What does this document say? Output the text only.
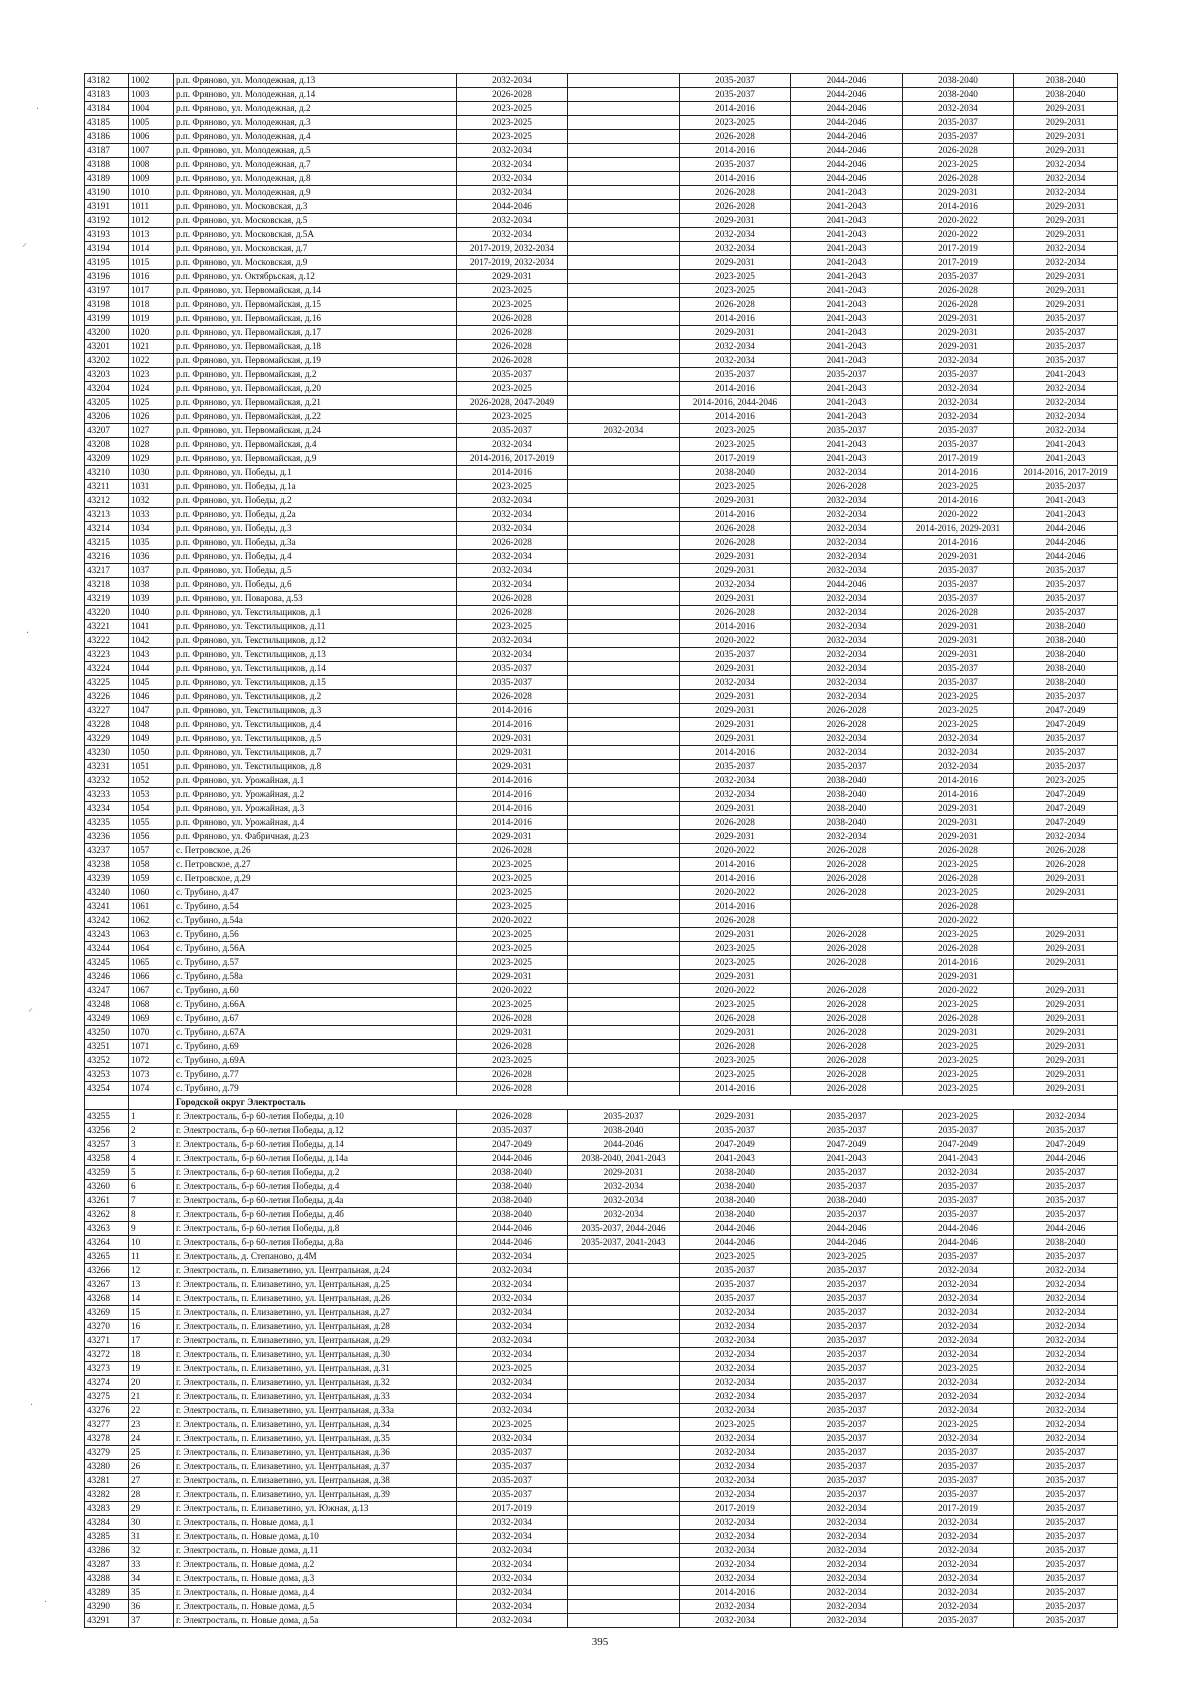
43182	1002	р.п. Фряново, ул. Молодежная, д.13	2032-2034		2035-2037	2044-2046	2038-2040	2038-2040
43183	1003	р.п. Фряново, ул. Молодежная, д.14	2026-2028		2035-2037	2044-2046	2038-2040	2038-2040
43184	1004	р.п. Фряново, ул. Молодежная, д.2	2023-2025		2014-2016	2044-2046	2032-2034	2029-2031
43185	1005	р.п. Фряново, ул. Молодежная, д.3	2023-2025		2023-2025	2044-2046	2035-2037	2029-2031
43186	1006	р.п. Фряново, ул. Молодежная, д.4	2023-2025		2026-2028	2044-2046	2035-2037	2029-2031
43187	1007	р.п. Фряново, ул. Молодежная, д.5	2032-2034		2014-2016	2044-2046	2026-2028	2029-2031
43188	1008	р.п. Фряново, ул. Молодежная, д.7	2032-2034		2035-2037	2044-2046	2023-2025	2032-2034
43189	1009	р.п. Фряново, ул. Молодежная, д.8	2032-2034		2014-2016	2044-2046	2026-2028	2032-2034
43190	1010	р.п. Фряново, ул. Молодежная, д.9	2032-2034		2026-2028	2041-2043	2029-2031	2032-2034
43191	1011	р.п. Фряново, ул. Московская, д.3	2044-2046		2026-2028	2041-2043	2014-2016	2029-2031
43192	1012	р.п. Фряново, ул. Московская, д.5	2032-2034		2029-2031	2041-2043	2020-2022	2029-2031
43193	1013	р.п. Фряново, ул. Московская, д.5А	2032-2034		2032-2034	2041-2043	2020-2022	2029-2031
43194	1014	р.п. Фряново, ул. Московская, д.7	2017-2019, 2032-2034		2032-2034	2041-2043	2017-2019	2032-2034
43195	1015	р.п. Фряново, ул. Московская, д.9	2017-2019, 2032-2034		2029-2031	2041-2043	2017-2019	2032-2034
43196	1016	р.п. Фряново, ул. Октябрьская, д.12	2029-2031		2023-2025	2041-2043	2035-2037	2029-2031
43197	1017	р.п. Фряново, ул. Первомайская, д.14	2023-2025		2023-2025	2041-2043	2026-2028	2029-2031
43198	1018	р.п. Фряново, ул. Первомайская, д.15	2023-2025		2026-2028	2041-2043	2026-2028	2029-2031
43199	1019	р.п. Фряново, ул. Первомайская, д.16	2026-2028		2014-2016	2041-2043	2029-2031	2035-2037
43200	1020	р.п. Фряново, ул. Первомайская, д.17	2026-2028		2029-2031	2041-2043	2029-2031	2035-2037
43201	1021	р.п. Фряново, ул. Первомайская, д.18	2026-2028		2032-2034	2041-2043	2029-2031	2035-2037
43202	1022	р.п. Фряново, ул. Первомайская, д.19	2026-2028		2032-2034	2041-2043	2032-2034	2035-2037
43203	1023	р.п. Фряново, ул. Первомайская, д.2	2035-2037		2035-2037	2035-2037	2035-2037	2041-2043
43204	1024	р.п. Фряново, ул. Первомайская, д.20	2023-2025		2014-2016	2041-2043	2032-2034	2032-2034
43205	1025	р.п. Фряново, ул. Первомайская, д.21	2026-2028, 2047-2049		2014-2016, 2044-2046	2041-2043	2032-2034	2032-2034
43206	1026	р.п. Фряново, ул. Первомайская, д.22	2023-2025		2014-2016	2041-2043	2032-2034	2032-2034
43207	1027	р.п. Фряново, ул. Первомайская, д.24	2035-2037	2032-2034	2023-2025	2035-2037	2035-2037	2032-2034
43208	1028	р.п. Фряново, ул. Первомайская, д.4	2032-2034		2023-2025	2041-2043	2035-2037	2041-2043
43209	1029	р.п. Фряново, ул. Первомайская, д.9	2014-2016, 2017-2019		2017-2019	2041-2043	2017-2019	2041-2043
43210	1030	р.п. Фряново, ул. Победы, д.1	2014-2016		2038-2040	2032-2034	2014-2016	2014-2016, 2017-2019
43211	1031	р.п. Фряново, ул. Победы, д.1а	2023-2025		2023-2025	2026-2028	2023-2025	2035-2037
43212	1032	р.п. Фряново, ул. Победы, д.2	2032-2034		2029-2031	2032-2034	2014-2016	2041-2043
43213	1033	р.п. Фряново, ул. Победы, д.2а	2032-2034		2014-2016	2032-2034	2020-2022	2041-2043
43214	1034	р.п. Фряново, ул. Победы, д.3	2032-2034		2026-2028	2032-2034	2014-2016, 2029-2031	2044-2046
43215	1035	р.п. Фряново, ул. Победы, д.3а	2026-2028		2026-2028	2032-2034	2014-2016	2044-2046
43216	1036	р.п. Фряново, ул. Победы, д.4	2032-2034		2029-2031	2032-2034	2029-2031	2044-2046
43217	1037	р.п. Фряново, ул. Победы, д.5	2032-2034		2029-2031	2032-2034	2035-2037	2035-2037
43218	1038	р.п. Фряново, ул. Победы, д.6	2032-2034		2032-2034	2044-2046	2035-2037	2035-2037
43219	1039	р.п. Фряново, ул. Поварова, д.53	2026-2028		2029-2031	2032-2034	2035-2037	2035-2037
43220	1040	р.п. Фряново, ул. Текстильщиков, д.1	2026-2028		2026-2028	2032-2034	2026-2028	2035-2037
43221	1041	р.п. Фряново, ул. Текстильщиков, д.11	2023-2025		2014-2016	2032-2034	2029-2031	2038-2040
43222	1042	р.п. Фряново, ул. Текстильщиков, д.12	2032-2034		2020-2022	2032-2034	2029-2031	2038-2040
43223	1043	р.п. Фряново, ул. Текстильщиков, д.13	2032-2034		2035-2037	2032-2034	2029-2031	2038-2040
43224	1044	р.п. Фряново, ул. Текстильщиков, д.14	2035-2037		2029-2031	2032-2034	2035-2037	2038-2040
43225	1045	р.п. Фряново, ул. Текстильщиков, д.15	2035-2037		2032-2034	2032-2034	2035-2037	2038-2040
43226	1046	р.п. Фряново, ул. Текстильщиков, д.2	2026-2028		2029-2031	2032-2034	2023-2025	2035-2037
43227	1047	р.п. Фряново, ул. Текстильщиков, д.3	2014-2016		2029-2031	2026-2028	2023-2025	2047-2049
43228	1048	р.п. Фряново, ул. Текстильщиков, д.4	2014-2016		2029-2031	2026-2028	2023-2025	2047-2049
43229	1049	р.п. Фряново, ул. Текстильщиков, д.5	2029-2031		2029-2031	2032-2034	2032-2034	2035-2037
43230	1050	р.п. Фряново, ул. Текстильщиков, д.7	2029-2031		2014-2016	2032-2034	2032-2034	2035-2037
43231	1051	р.п. Фряново, ул. Текстильщиков, д.8	2029-2031		2035-2037	2035-2037	2032-2034	2035-2037
43232	1052	р.п. Фряново, ул. Урожайная, д.1	2014-2016		2032-2034	2038-2040	2014-2016	2023-2025
43233	1053	р.п. Фряново, ул. Урожайная, д.2	2014-2016		2032-2034	2038-2040	2014-2016	2047-2049
43234	1054	р.п. Фряново, ул. Урожайная, д.3	2014-2016		2029-2031	2038-2040	2029-2031	2047-2049
43235	1055	р.п. Фряново, ул. Урожайная, д.4	2014-2016		2026-2028	2038-2040	2029-2031	2047-2049
43236	1056	р.п. Фряново, ул. Фабричная, д.23	2029-2031		2029-2031	2032-2034	2029-2031	2032-2034
43237	1057	с. Петровское, д.26	2026-2028		2020-2022	2026-2028	2026-2028	2026-2028
43238	1058	с. Петровское, д.27	2023-2025		2014-2016	2026-2028	2023-2025	2026-2028
43239	1059	с. Петровское, д.29	2023-2025		2014-2016	2026-2028	2026-2028	2029-2031
43240	1060	с. Трубино, д.47	2023-2025		2020-2022	2026-2028	2023-2025	2029-2031
43241	1061	с. Трубино, д.54	2023-2025		2014-2016		2026-2028	
43242	1062	с. Трубино, д.54а	2020-2022		2026-2028		2020-2022	
43243	1063	с. Трубино, д.56	2023-2025		2029-2031	2026-2028	2023-2025	2029-2031
43244	1064	с. Трубино, д.56А	2023-2025		2023-2025	2026-2028	2026-2028	2029-2031
43245	1065	с. Трубино, д.57	2023-2025		2023-2025	2026-2028	2014-2016	2029-2031
43246	1066	с. Трубино, д.58а	2029-2031		2029-2031		2029-2031	
43247	1067	с. Трубино, д.60	2020-2022		2020-2022	2026-2028	2020-2022	2029-2031
43248	1068	с. Трубино, д.66А	2023-2025		2023-2025	2026-2028	2023-2025	2029-2031
43249	1069	с. Трубино, д.67	2026-2028		2026-2028	2026-2028	2026-2028	2029-2031
43250	1070	с. Трубино, д.67А	2029-2031		2029-2031	2026-2028	2029-2031	2029-2031
43251	1071	с. Трубино, д.69	2026-2028		2026-2028	2026-2028	2023-2025	2029-2031
43252	1072	с. Трубино, д.69А	2023-2025		2023-2025	2026-2028	2023-2025	2029-2031
43253	1073	с. Трубино, д.77	2026-2028		2023-2025	2026-2028	2023-2025	2029-2031
43254	1074	с. Трубино, д.79	2026-2028		2014-2016	2026-2028	2023-2025	2029-2031
		Городской округ Электросталь						
43255	1	г. Электросталь, б-р 60-летия Победы, д.10	2026-2028	2035-2037	2029-2031	2035-2037	2023-2025	2032-2034
43256	2	г. Электросталь, б-р 60-летия Победы, д.12	2035-2037	2038-2040	2035-2037	2035-2037	2035-2037	2035-2037
43257	3	г. Электросталь, б-р 60-летия Победы, д.14	2047-2049	2044-2046	2047-2049	2047-2049	2047-2049	2047-2049
43258	4	г. Электросталь, б-р 60-летия Победы, д.14а	2044-2046	2038-2040, 2041-2043	2041-2043	2041-2043	2041-2043	2044-2046
43259	5	г. Электросталь, б-р 60-летия Победы, д.2	2038-2040	2029-2031	2038-2040	2035-2037	2032-2034	2035-2037
43260	6	г. Электросталь, б-р 60-летия Победы, д.4	2038-2040	2032-2034	2038-2040	2035-2037	2035-2037	2035-2037
43261	7	г. Электросталь, б-р 60-летия Победы, д.4а	2038-2040	2032-2034	2038-2040	2038-2040	2035-2037	2035-2037
43262	8	г. Электросталь, б-р 60-летия Победы, д.4б	2038-2040	2032-2034	2038-2040	2035-2037	2035-2037	2035-2037
43263	9	г. Электросталь, б-р 60-летия Победы, д.8	2044-2046	2035-2037, 2044-2046	2044-2046	2044-2046	2044-2046	2044-2046
43264	10	г. Электросталь, б-р 60-летия Победы, д.8а	2044-2046	2035-2037, 2041-2043	2044-2046	2044-2046	2044-2046	2038-2040
43265	11	г. Электросталь, д. Степаново, д.4М	2032-2034		2023-2025	2023-2025	2035-2037	2035-2037
43266	12	г. Электросталь, п. Елизаветино, ул. Центральная, д.24	2032-2034		2035-2037	2035-2037	2032-2034	2032-2034
43267	13	г. Электросталь, п. Елизаветино, ул. Центральная, д.25	2032-2034		2035-2037	2035-2037	2032-2034	2032-2034
43268	14	г. Электросталь, п. Елизаветино, ул. Центральная, д.26	2032-2034		2035-2037	2035-2037	2032-2034	2032-2034
43269	15	г. Электросталь, п. Елизаветино, ул. Центральная, д.27	2032-2034		2032-2034	2035-2037	2032-2034	2032-2034
43270	16	г. Электросталь, п. Елизаветино, ул. Центральная, д.28	2032-2034		2032-2034	2035-2037	2032-2034	2032-2034
43271	17	г. Электросталь, п. Елизаветино, ул. Центральная, д.29	2032-2034		2032-2034	2035-2037	2032-2034	2032-2034
43272	18	г. Электросталь, п. Елизаветино, ул. Центральная, д.30	2032-2034		2032-2034	2035-2037	2032-2034	2032-2034
43273	19	г. Электросталь, п. Елизаветино, ул. Центральная, д.31	2023-2025		2032-2034	2035-2037	2023-2025	2032-2034
43274	20	г. Электросталь, п. Елизаветино, ул. Центральная, д.32	2032-2034		2032-2034	2035-2037	2032-2034	2032-2034
43275	21	г. Электросталь, п. Елизаветино, ул. Центральная, д.33	2032-2034		2032-2034	2035-2037	2032-2034	2032-2034
43276	22	г. Электросталь, п. Елизаветино, ул. Центральная, д.33а	2032-2034		2032-2034	2035-2037	2032-2034	2032-2034
43277	23	г. Электросталь, п. Елизаветино, ул. Центральная, д.34	2023-2025		2023-2025	2035-2037	2023-2025	2032-2034
43278	24	г. Электросталь, п. Елизаветино, ул. Центральная, д.35	2032-2034		2032-2034	2035-2037	2032-2034	2032-2034
43279	25	г. Электросталь, п. Елизаветино, ул. Центральная, д.36	2035-2037		2032-2034	2035-2037	2035-2037	2035-2037
43280	26	г. Электросталь, п. Елизаветино, ул. Центральная, д.37	2035-2037		2032-2034	2035-2037	2035-2037	2035-2037
43281	27	г. Электросталь, п. Елизаветино, ул. Центральная, д.38	2035-2037		2032-2034	2035-2037	2035-2037	2035-2037
43282	28	г. Электросталь, п. Елизаветино, ул. Центральная, д.39	2035-2037		2032-2034	2035-2037	2035-2037	2035-2037
43283	29	г. Электросталь, п. Елизаветино, ул. Южная, д.13	2017-2019		2017-2019	2032-2034	2017-2019	2035-2037
43284	30	г. Электросталь, п. Новые дома, д.1	2032-2034		2032-2034	2032-2034	2032-2034	2035-2037
43285	31	г. Электросталь, п. Новые дома, д.10	2032-2034		2032-2034	2032-2034	2032-2034	2035-2037
43286	32	г. Электросталь, п. Новые дома, д.11	2032-2034		2032-2034	2032-2034	2032-2034	2035-2037
43287	33	г. Электросталь, п. Новые дома, д.2	2032-2034		2032-2034	2032-2034	2032-2034	2035-2037
43288	34	г. Электросталь, п. Новые дома, д.3	2032-2034		2032-2034	2032-2034	2032-2034	2035-2037
43289	35	г. Электросталь, п. Новые дома, д.4	2032-2034		2014-2016	2032-2034	2032-2034	2035-2037
43290	36	г. Электросталь, п. Новые дома, д.5	2032-2034		2032-2034	2032-2034	2032-2034	2035-2037
43291	37	г. Электросталь, п. Новые дома, д.5а	2032-2034		2032-2034	2032-2034	2035-2037	2035-2037
395
·
⸝
·
⸝
·
·
